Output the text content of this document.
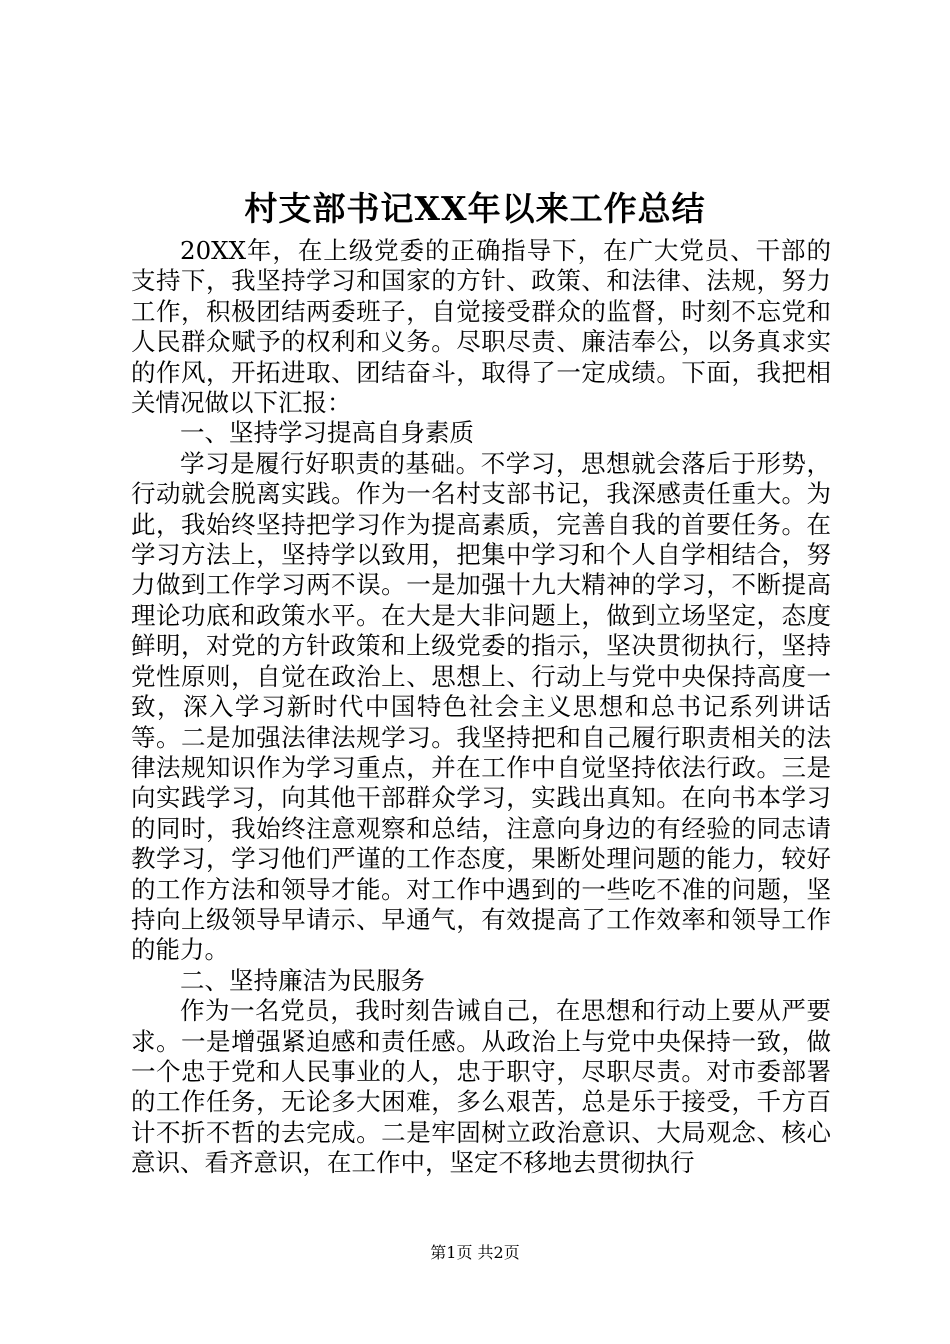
村支部书记XX年以来工作总结

20XX年，在上级党委的正确指导下，在广大党员、干部的支持下，我坚持学习和国家的方针、政策、和法律、法规，努力工作，积极团结两委班子，自觉接受群众的监督，时刻不忘党和人民群众赋予的权利和义务。尽职尽责、廉洁奉公，以务真求实的作风，开拓进取、团结奋斗，取得了一定成绩。下面，我把相关情况做以下汇报：

一、坚持学习提高自身素质

学习是履行好职责的基础。不学习，思想就会落后于形势，行动就会脱离实践。作为一名村支部书记，我深感责任重大。为此，我始终坚持把学习作为提高素质，完善自我的首要任务。在学习方法上，坚持学以致用，把集中学习和个人自学相结合，努力做到工作学习两不误。一是加强十九大精神的学习，不断提高理论功底和政策水平。在大是大非问题上，做到立场坚定，态度鲜明，对党的方针政策和上级党委的指示，坚决贯彻执行，坚持党性原则，自觉在政治上、思想上、行动上与党中央保持高度一致，深入学习新时代中国特色社会主义思想和总书记系列讲话等。二是加强法律法规学习。我坚持把和自己履行职责相关的法律法规知识作为学习重点，并在工作中自觉坚持依法行政。三是向实践学习，向其他干部群众学习，实践出真知。在向书本学习的同时，我始终注意观察和总结，注意向身边的有经验的同志请教学习，学习他们严谨的工作态度，果断处理问题的能力，较好的工作方法和领导才能。对工作中遇到的一些吃不准的问题，坚持向上级领导早请示、早通气，有效提高了工作效率和领导工作的能力。

二、坚持廉洁为民服务

作为一名党员，我时刻告诫自己，在思想和行动上要从严要求。一是增强紧迫感和责任感。从政治上与党中央保持一致，做一个忠于党和人民事业的人，忠于职守，尽职尽责。对市委部署的工作任务，无论多大困难，多么艰苦，总是乐于接受，千方百计不折不哲的去完成。二是牢固树立政治意识、大局观念、核心意识、看齐意识，在工作中，坚定不移地去贯彻执行

第1页 共2页
